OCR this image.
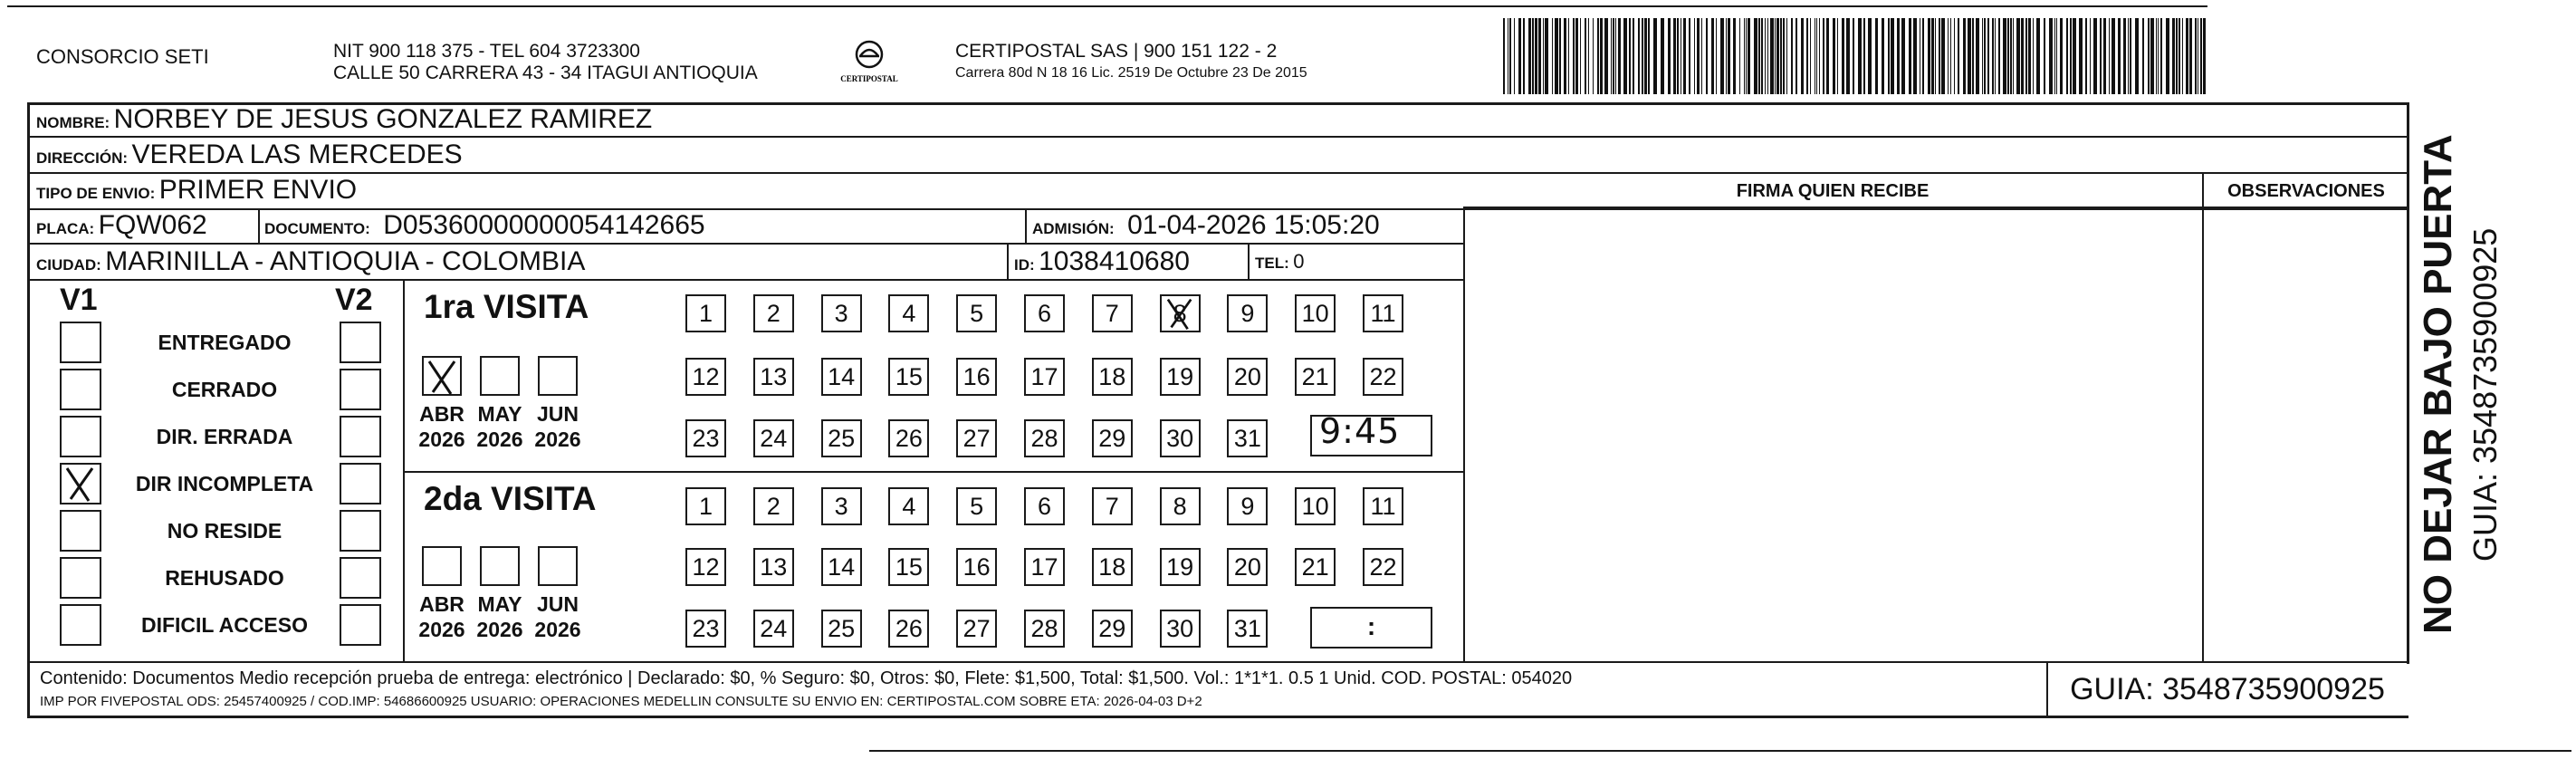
CONSORCIO SETI	NIT 900 118 375 - TEL 604 3723300
CALLE 50 CARRERA 43 - 34 ITAGUI ANTIOQUIA	CERTIPOSTAL
CERTIPOSTAL SAS | 900 151 122 - 2
Carrera 80d N 18 16 Lic. 2519 De Octubre 23 De 2015
NOMBRE: NORBEY DE JESUS GONZALEZ RAMIREZ
DIRECCIÓN: VEREDA LAS MERCEDES
TIPO DE ENVIO: PRIMER ENVIO	FIRMA QUIEN RECIBE	OBSERVACIONES
PLACA: FQW062	DOCUMENTO: D05360000000054142665	ADMISIÓN: 01-04-2026 15:05:20
CIUDAD: MARINILLA - ANTIOQUIA - COLOMBIA	ID: 1038410680	TEL: 0
V1	V2
ENTREGADO
CERRADO
DIR. ERRADA
DIR INCOMPLETA
NO RESIDE
REHUSADO
DIFICIL ACCESO
1ra VISITA
2da VISITA
ABR
2026
MAY
2026
JUN
2026
ABR
2026
MAY
2026
JUN
2026
1	2	3	4	5	6	7	8	9	10	11
12 13 14 15 16 17 18 19 20 21 22
23 24 25 26 27 28 29 30 31
1	2	3	4	5	6	7	8	9	10	11
12 13 14 15 16 17 18 19 20 21 22
23 24 25 26 27 28 29 30 31
9:45
:
Contenido: Documentos Medio recepción prueba de entrega: electrónico | Declarado: $0, % Seguro: $0, Otros: $0, Flete: $1,500, Total: $1,500. Vol.: 1*1*1. 0.5 1 Unid. COD. POSTAL: 054020
IMP POR FIVEPOSTAL ODS: 25457400925 / COD.IMP: 54686600925 USUARIO: OPERACIONES MEDELLIN CONSULTE SU ENVIO EN: CERTIPOSTAL.COM SOBRE ETA: 2026-04-03 D+2	GUIA: 3548735900925
NO DEJAR BAJO PUERTA GUIA: 3548735900925
